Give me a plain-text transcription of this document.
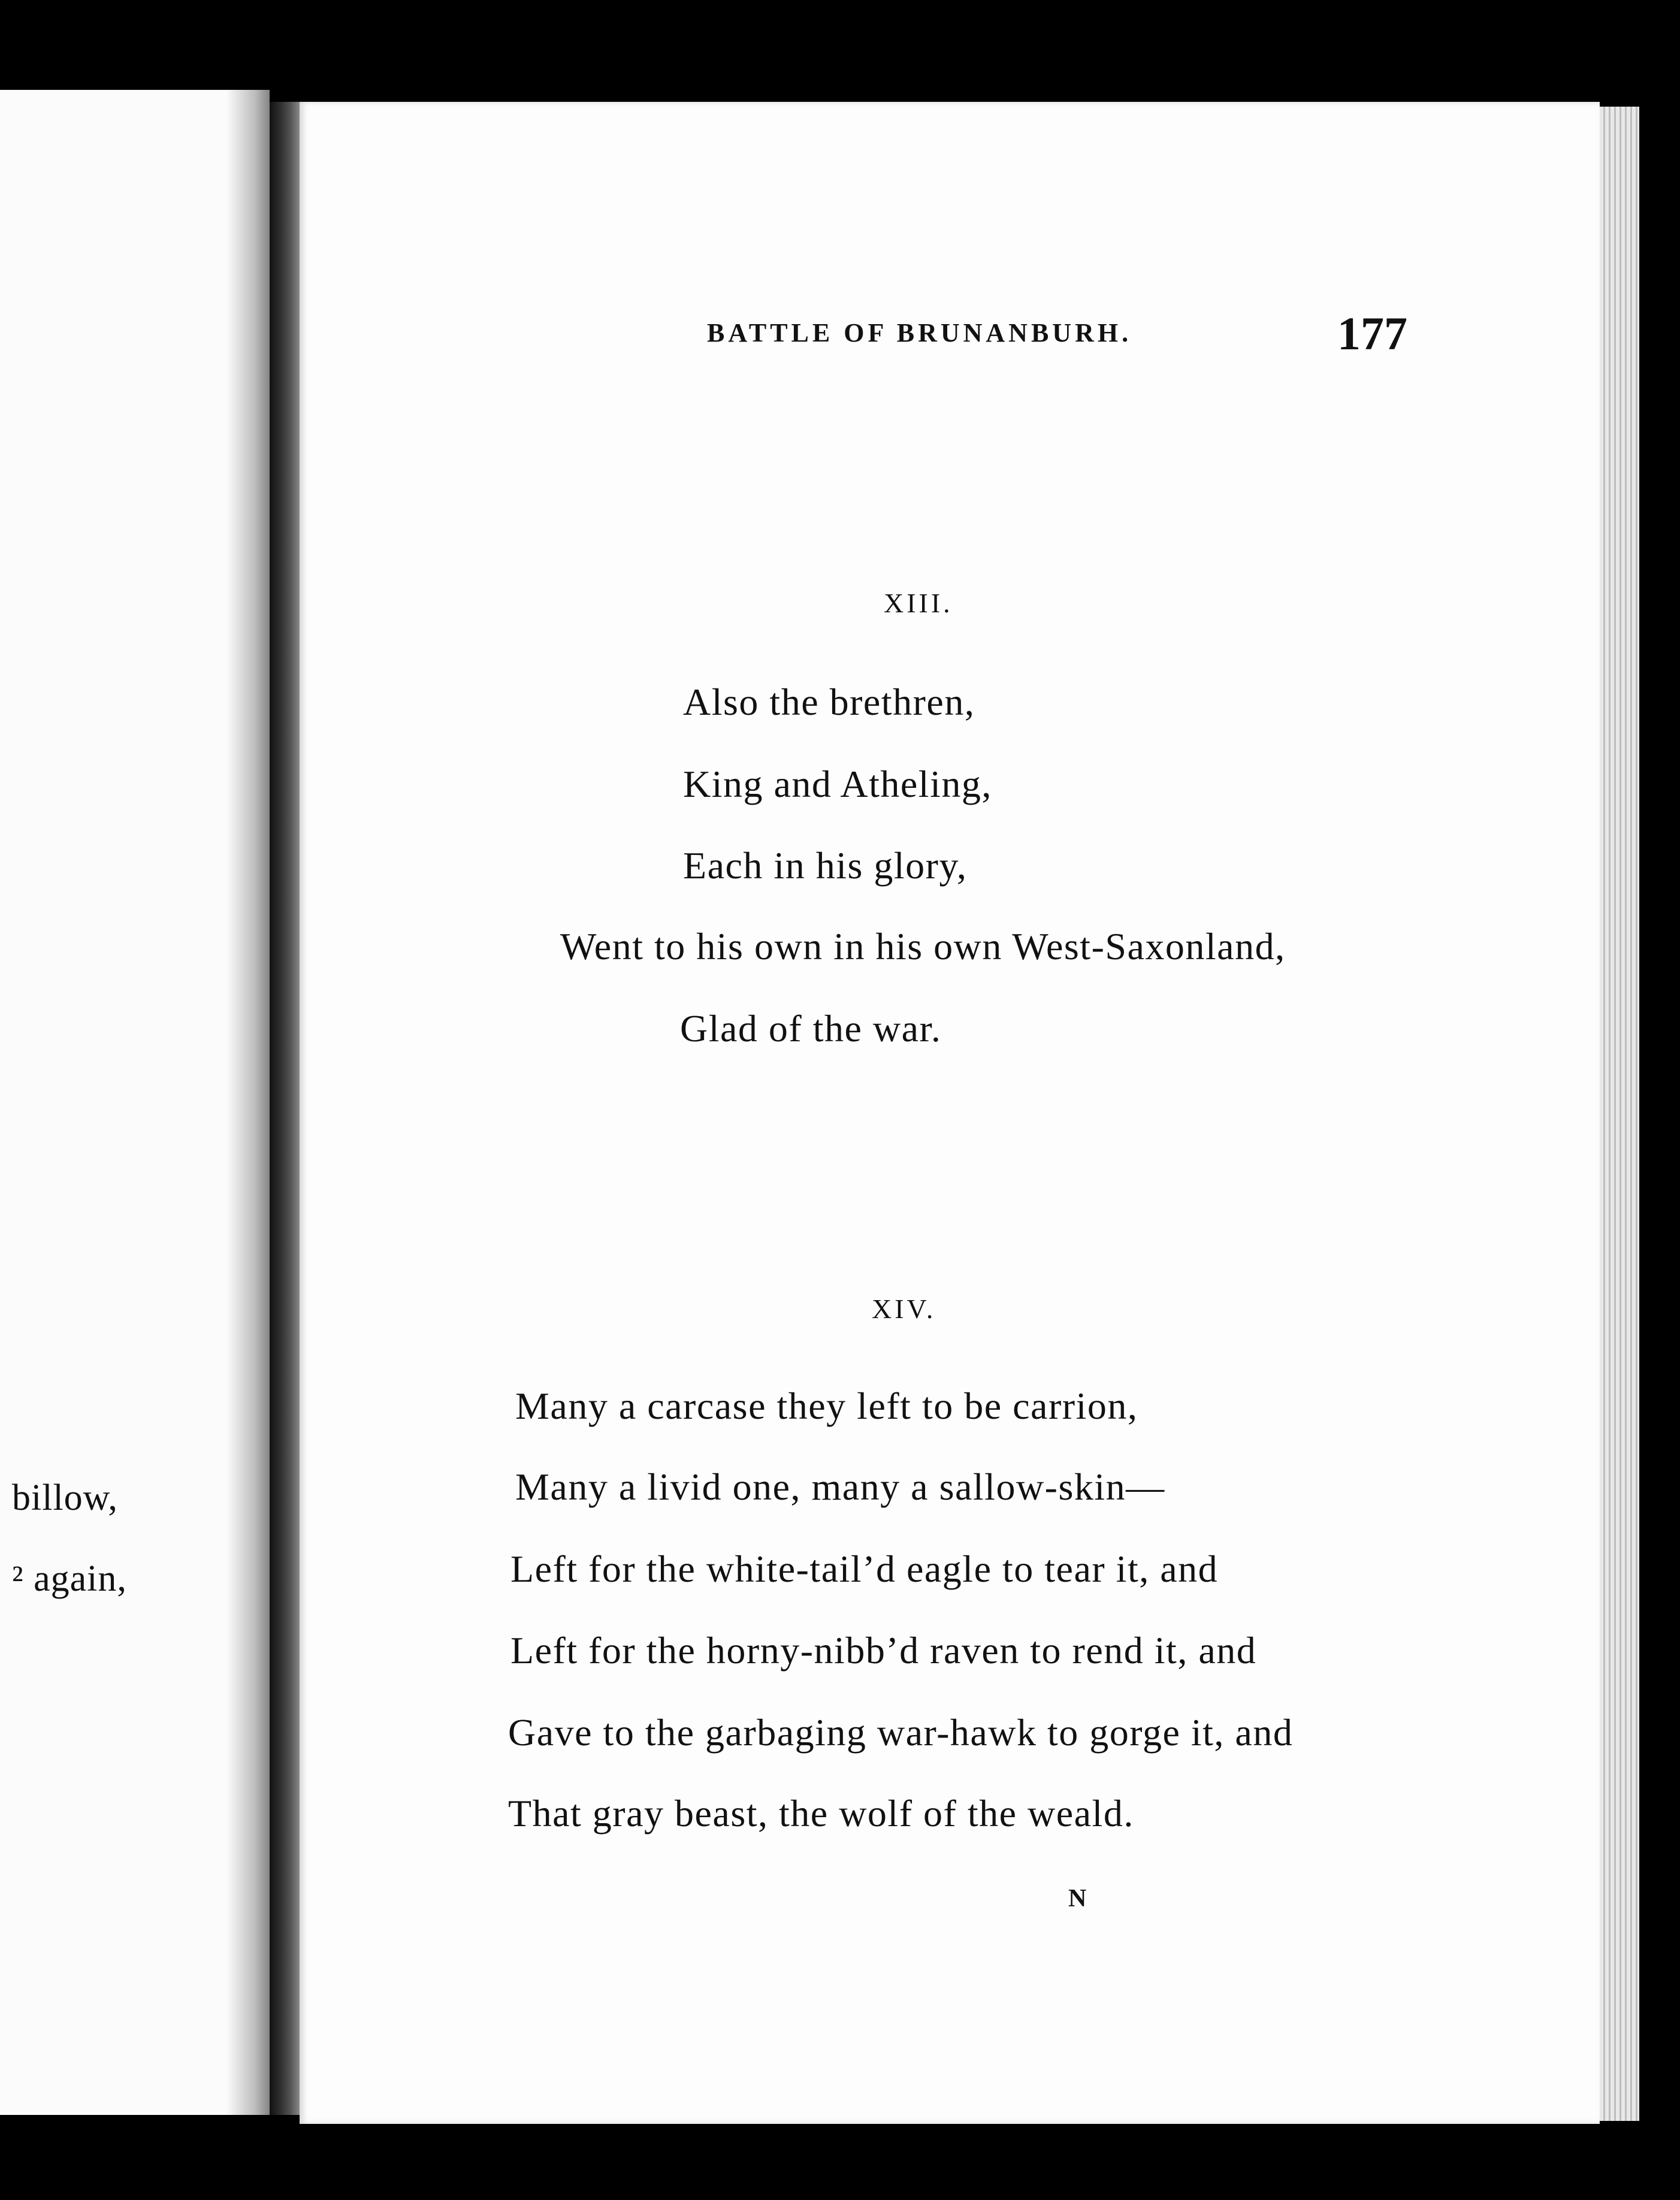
billow,
² again,
BATTLE OF BRUNANBURH.	177
XIII.
Also the brethren,
King and Atheling,
Each in his glory,
Went to his own in his own West-Saxonland,
Glad of the war.
XIV.
Many a carcase they left to be carrion,
Many a livid one, many a sallow-skin—
Left for the white-tail’d eagle to tear it, and
Left for the horny-nibb’d raven to rend it, and
Gave to the garbaging war-hawk to gorge it, and
That gray beast, the wolf of the weald.
N
